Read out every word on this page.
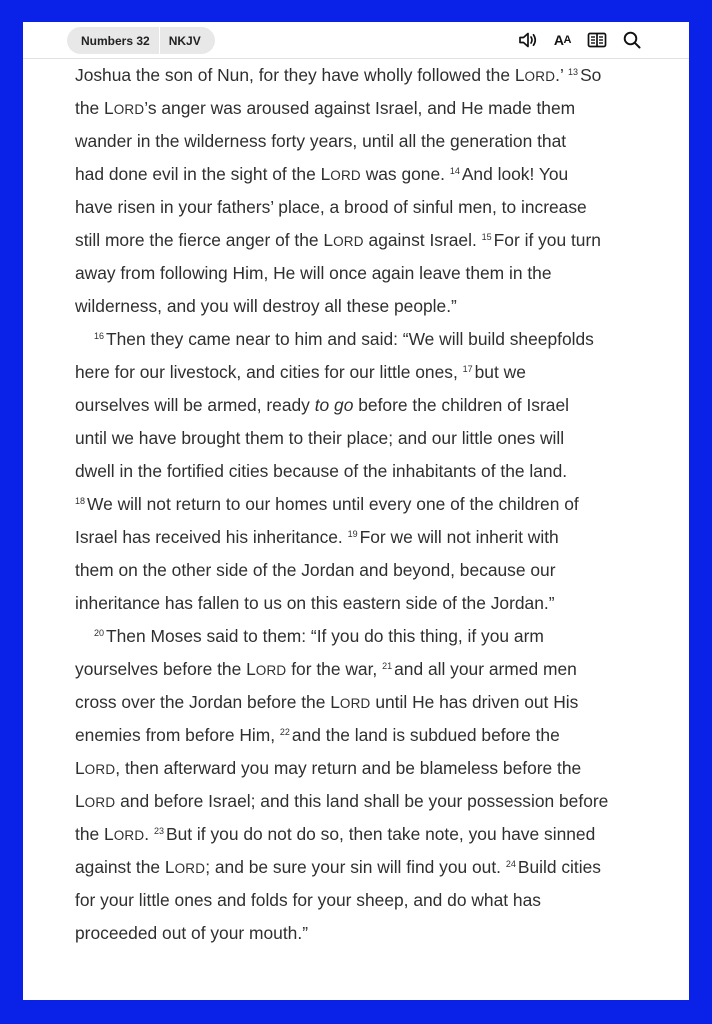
Numbers 32	NKJV	A A
Joshua the son of Nun, for they have wholly followed the LORD.’ $^{13}$ So
the LORD’s anger was aroused against Israel, and He made them
wander in the wilderness forty years, until all the generation that
had done evil in the sight of the LORD was gone. $^{14}$ And look! You
have risen in your fathers’ place, a brood of sinful men, to increase
still more the fierce anger of the LORD against Israel. $^{15}$ For if you turn
away from following Him, He will once again leave them in the
wilderness, and you will destroy all these people.”
$^{16}$ Then they came near to him and said: “We will build sheepfolds
here for our livestock, and cities for our little ones, $^{17}$ but we
ourselves will be armed, ready to go before the children of Israel
until we have brought them to their place; and our little ones will
dwell in the fortified cities because of the inhabitants of the land.
$^{18}$ We will not return to our homes until every one of the children of
Israel has received his inheritance. $^{19}$ For we will not inherit with
them on the other side of the Jordan and beyond, because our
inheritance has fallen to us on this eastern side of the Jordan.”
$^{20}$ Then Moses said to them: “If you do this thing, if you arm
yourselves before the LORD for the war, $^{21}$ and all your armed men
cross over the Jordan before the LORD until He has driven out His
enemies from before Him, $^{22}$ and the land is subdued before the
LORD, then afterward you may return and be blameless before the
LORD and before Israel; and this land shall be your possession before
the LORD. $^{23}$ But if you do not do so, then take note, you have sinned
against the LORD; and be sure your sin will find you out. $^{24}$ Build cities
for your little ones and folds for your sheep, and do what has
proceeded out of your mouth.”
